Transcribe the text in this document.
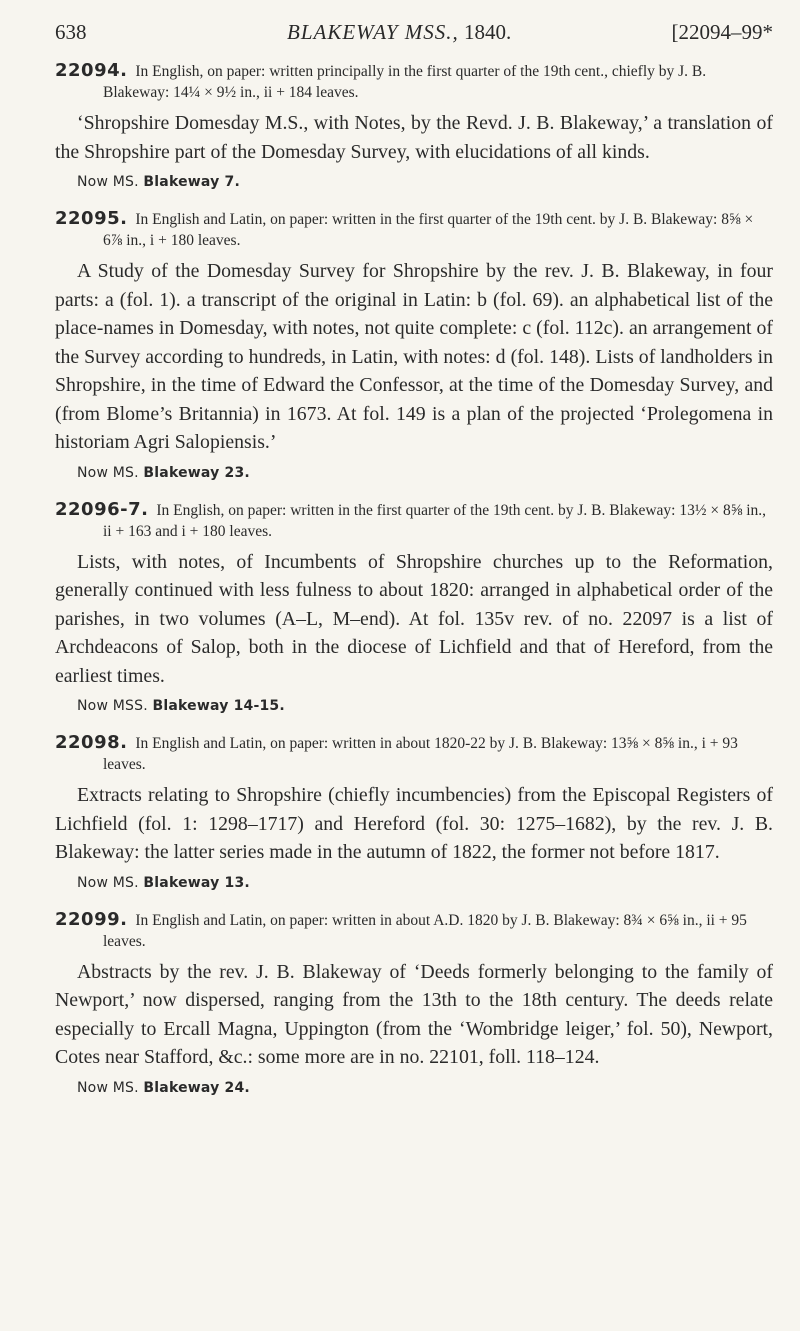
638	BLAKEWAY MSS., 1840.	[22094–99*
22094. In English, on paper: written principally in the first quarter of the 19th cent., chiefly by J. B. Blakeway: 14¼ × 9½ in., ii + 184 leaves.
‘Shropshire Domesday M.S., with Notes, by the Revd. J. B. Blakeway,’ a translation of the Shropshire part of the Domesday Survey, with elucidations of all kinds.
Now MS. Blakeway 7.
22095. In English and Latin, on paper: written in the first quarter of the 19th cent. by J. B. Blakeway: 8⅝ × 6⅞ in., i + 180 leaves.
A Study of the Domesday Survey for Shropshire by the rev. J. B. Blakeway, in four parts: a (fol. 1). a transcript of the original in Latin: b (fol. 69). an alphabetical list of the place-names in Domesday, with notes, not quite complete: c (fol. 112c). an arrangement of the Survey according to hundreds, in Latin, with notes: d (fol. 148). Lists of landholders in Shropshire, in the time of Edward the Confessor, at the time of the Domesday Survey, and (from Blome’s Britannia) in 1673. At fol. 149 is a plan of the projected ‘Prolegomena in historiam Agri Salopiensis.’
Now MS. Blakeway 23.
22096-7. In English, on paper: written in the first quarter of the 19th cent. by J. B. Blakeway: 13½ × 8⅝ in., ii + 163 and i + 180 leaves.
Lists, with notes, of Incumbents of Shropshire churches up to the Reformation, generally continued with less fulness to about 1820: arranged in alphabetical order of the parishes, in two volumes (A–L, M–end). At fol. 135v rev. of no. 22097 is a list of Archdeacons of Salop, both in the diocese of Lichfield and that of Hereford, from the earliest times.
Now MSS. Blakeway 14-15.
22098. In English and Latin, on paper: written in about 1820-22 by J. B. Blakeway: 13⅝ × 8⅝ in., i + 93 leaves.
Extracts relating to Shropshire (chiefly incumbencies) from the Episcopal Registers of Lichfield (fol. 1: 1298–1717) and Hereford (fol. 30: 1275–1682), by the rev. J. B. Blakeway: the latter series made in the autumn of 1822, the former not before 1817.
Now MS. Blakeway 13.
22099. In English and Latin, on paper: written in about A.D. 1820 by J. B. Blakeway: 8¾ × 6⅝ in., ii + 95 leaves.
Abstracts by the rev. J. B. Blakeway of ‘Deeds formerly belonging to the family of Newport,’ now dispersed, ranging from the 13th to the 18th century. The deeds relate especially to Ercall Magna, Uppington (from the ‘Wombridge leiger,’ fol. 50), Newport, Cotes near Stafford, &c.: some more are in no. 22101, foll. 118–124.
Now MS. Blakeway 24.
